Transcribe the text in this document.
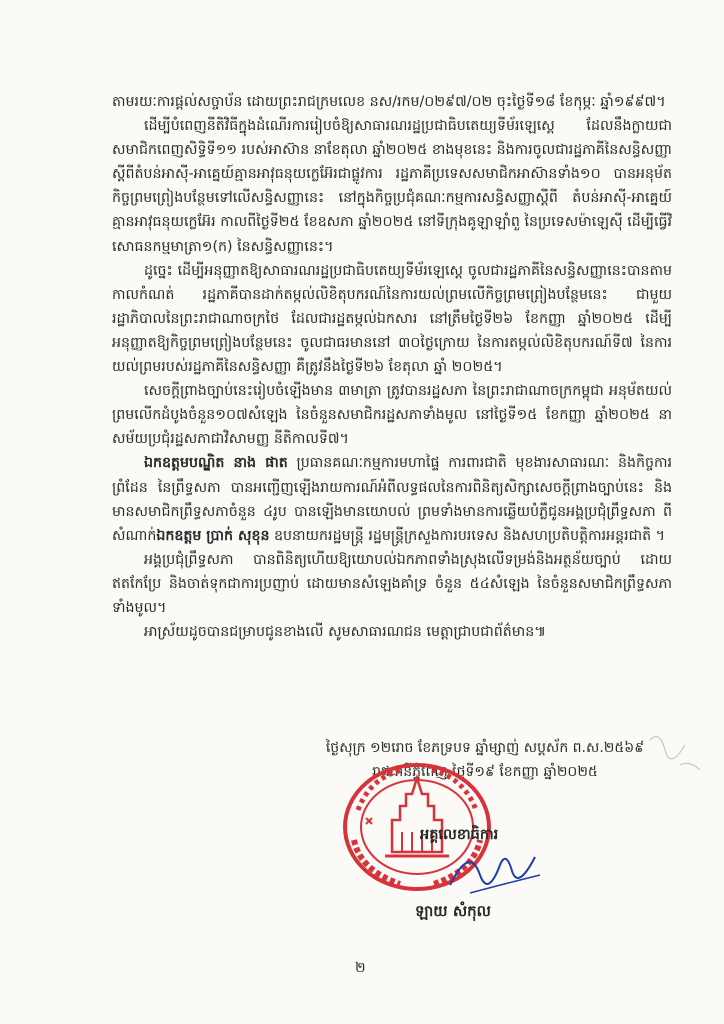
តាមរយៈការផ្ដល់សច្ចាប័ន ដោយព្រះរាជក្រមលេខ នស/រកម/០២៩៧/០២ ចុះថ្ងៃទី១៨ ខែកុម្ភៈ ឆ្នាំ១៩៩៧។

ដើម្បីបំពេញនីតិវិធីក្នុងដំណើរការរៀបចំឱ្យសាធារណរដ្ឋប្រជាធិបតេយ្យទីម័រឡេស្ដេ ដែលនឹងក្លាយជាសមាជិកពេញសិទ្ធិទី១១ របស់អាស៊ាន នាខែតុលា ឆ្នាំ២០២៥ ខាងមុខនេះ និងការចូលជារដ្ឋភាគីនៃសន្ធិសញ្ញាស្ដីពីតំបន់អាស៊ី-អាគ្នេយ៍គ្មានអាវុធនុយក្លេអ៊ែរជាផ្លូវការ រដ្ឋភាគីប្រទេសសមាជិកអាស៊ានទាំង១០ បានអនុម័តកិច្ចព្រមព្រៀងបន្ថែមទៅលើសន្ធិសញ្ញានេះ នៅក្នុងកិច្ចប្រជុំគណៈកម្មការសន្ធិសញ្ញាស្ដីពី តំបន់អាស៊ី-អាគ្នេយ៍គ្មានអាវុធនុយក្លេអ៊ែរ កាលពីថ្ងៃទី២៥ ខែឧសភា ឆ្នាំ២០២៥ នៅទីក្រុងគូឡាឡាំពួ នៃប្រទេសម៉ាឡេស៊ី ដើម្បីធ្វើវិសោធនកម្មមាត្រា១(ក) នៃសន្ធិសញ្ញានេះ។

ដូច្នេះ ដើម្បីអនុញ្ញាតឱ្យសាធារណរដ្ឋប្រជាធិបតេយ្យទីម័រឡេស្ដេ ចូលជារដ្ឋភាគីនៃសន្ធិសញ្ញានេះបានតាមកាលកំណត់ រដ្ឋភាគីបានដាក់តម្កល់លិខិតុបករណ៍នៃការយល់ព្រមលើកិច្ចព្រមព្រៀងបន្ថែមនេះ ជាមួយរដ្ឋាភិបាលនៃព្រះរាជាណាចក្រថៃ ដែលជារដ្ឋតម្កល់ឯកសារ នៅត្រឹមថ្ងៃទី២៦ ខែកញ្ញា ឆ្នាំ២០២៥ ដើម្បីអនុញ្ញាតឱ្យកិច្ចព្រមព្រៀងបន្ថែមនេះ ចូលជាធរមាននៅ ៣០ថ្ងៃក្រោយ នៃការតម្កល់លិខិតុបករណ៍ទី៧ នៃការយល់ព្រមរបស់រដ្ឋភាគីនៃសន្ធិសញ្ញា គឺត្រូវនឹងថ្ងៃទី២៦ ខែតុលា ឆ្នាំ ២០២៥។

សេចក្ដីព្រាងច្បាប់នេះរៀបចំឡើងមាន ៣មាត្រា ត្រូវបានរដ្ឋសភា នៃព្រះរាជាណាចក្រកម្ពុជា អនុម័តយល់ព្រមលើកដំបូងចំនួន១០៧សំឡេង នៃចំនួនសមាជិករដ្ឋសភាទាំងមូល នៅថ្ងៃទី១៥ ខែកញ្ញា ឆ្នាំ២០២៥ នាសម័យប្រជុំរដ្ឋសភាជាវិសាមញ្ញ នីតិកាលទី៧។

ឯកឧត្តមបណ្ឌិត នាង ផាត ប្រធានគណៈកម្មការមហាផ្ទៃ ការពារជាតិ មុខងារសាធារណៈ និងកិច្ចការព្រំដែន នៃព្រឹទ្ធសភា បានអញ្ជើញឡើងរាយការណ៍អំពីលទ្ធផលនៃការពិនិត្យសិក្សាសេចក្ដីព្រាងច្បាប់នេះ និងមានសមាជិកព្រឹទ្ធសភាចំនួន ៤រូប បានឡើងមានយោបល់ ព្រមទាំងមានការឆ្លើយបំភ្លឺជូនអង្គប្រជុំព្រឹទ្ធសភា ពីសំណាក់ឯកឧត្តម ប្រាក់ សុខុន ឧបនាយករដ្ឋមន្ត្រី រដ្ឋមន្ត្រីក្រសួងការបរទេស និងសហប្រតិបត្តិការអន្តរជាតិ ។

អង្គប្រជុំព្រឹទ្ធសភា បានពិនិត្យហើយឱ្យយោបល់ឯកភាពទាំងស្រុងលើទម្រង់និងអត្ថន័យច្បាប់ ដោយឥតកែប្រែ និងចាត់ទុកជាការប្រញាប់ ដោយមានសំឡេងគាំទ្រ ចំនួន ៥៤សំឡេង នៃចំនួនសមាជិកព្រឹទ្ធសភាទាំងមូល។

អាស្រ័យដូចបានជម្រាបជូនខាងលើ សូមសាធារណជន មេត្តាជ្រាបជាព័ត៌មាន៕

ថ្ងៃសុក្រ ១២រោច ខែភទ្របទ ឆ្នាំម្សាញ់ សប្តស័ក ព.ស.២៥៦៩
រាជធានីភ្នំពេញ ថ្ងៃទី១៩ ខែកញ្ញា ឆ្នាំ២០២៥
អគ្គលេខាធិការ
ឡាយ សំកុល
២
